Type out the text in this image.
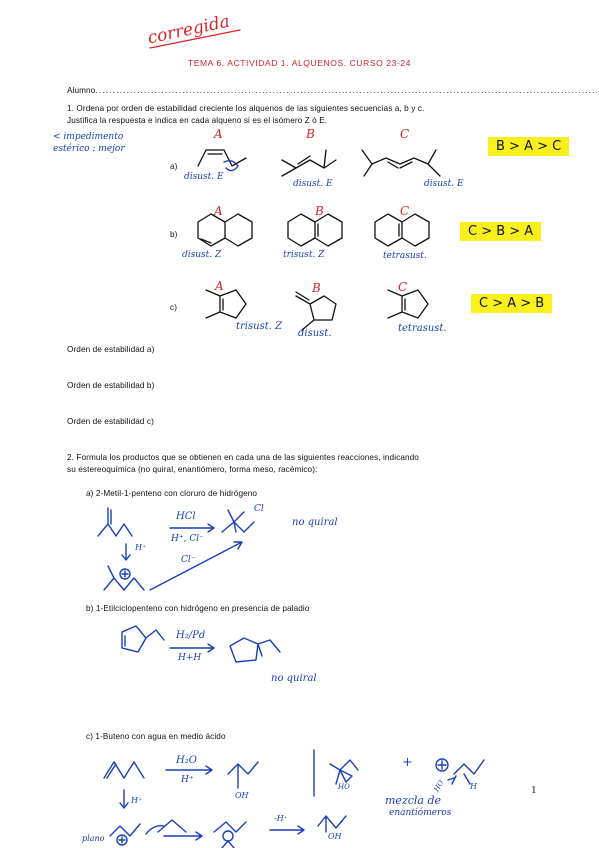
corregida
TEMA 6. ACTIVIDAD 1. ALQUENOS. CURSO 23-24
Alumno.................................................................................................................................................
1. Ordena por orden de estabilidad creciente los alquenos de las siguientes secuencias a, b y c.
Justifica la respuesta e indica en cada alqueno si es el isómero Z ó E.
< impedimento estérico : mejor
a)
b)
c)
A	B	C
A	B	C
A	B	C
disust. E
disust. E	disust. E
disust. Z	trisust. Z	tetrasust.
trisust. Z
disust.	tetrasust.
B > A > C
C > B > A
C > A > B
Orden de estabilidad a)
Orden de estabilidad b)
Orden de estabilidad c)
2. Formula los productos que se obtienen en cada una de las siguientes reacciones, indicando
su estereoquímica (no quiral, enantiómero, forma meso, racémico):
a) 2-Metil-1-penteno con cloruro de hidrógeno
b) 1-Etilciclopenteno con hidrógeno en presencia de paladio
c) 1-Buteno con agua en medio ácido
HCl
H⁺, Cl⁻
H⁺
Cl⁻
Cl
no quiral
H₂/Pd
H+H
no quiral
H₂O
H⁺
OH
HO
+
HO	H
H⁺
plano
-H⁺
OH
mezcla de
enantiómeros
1
